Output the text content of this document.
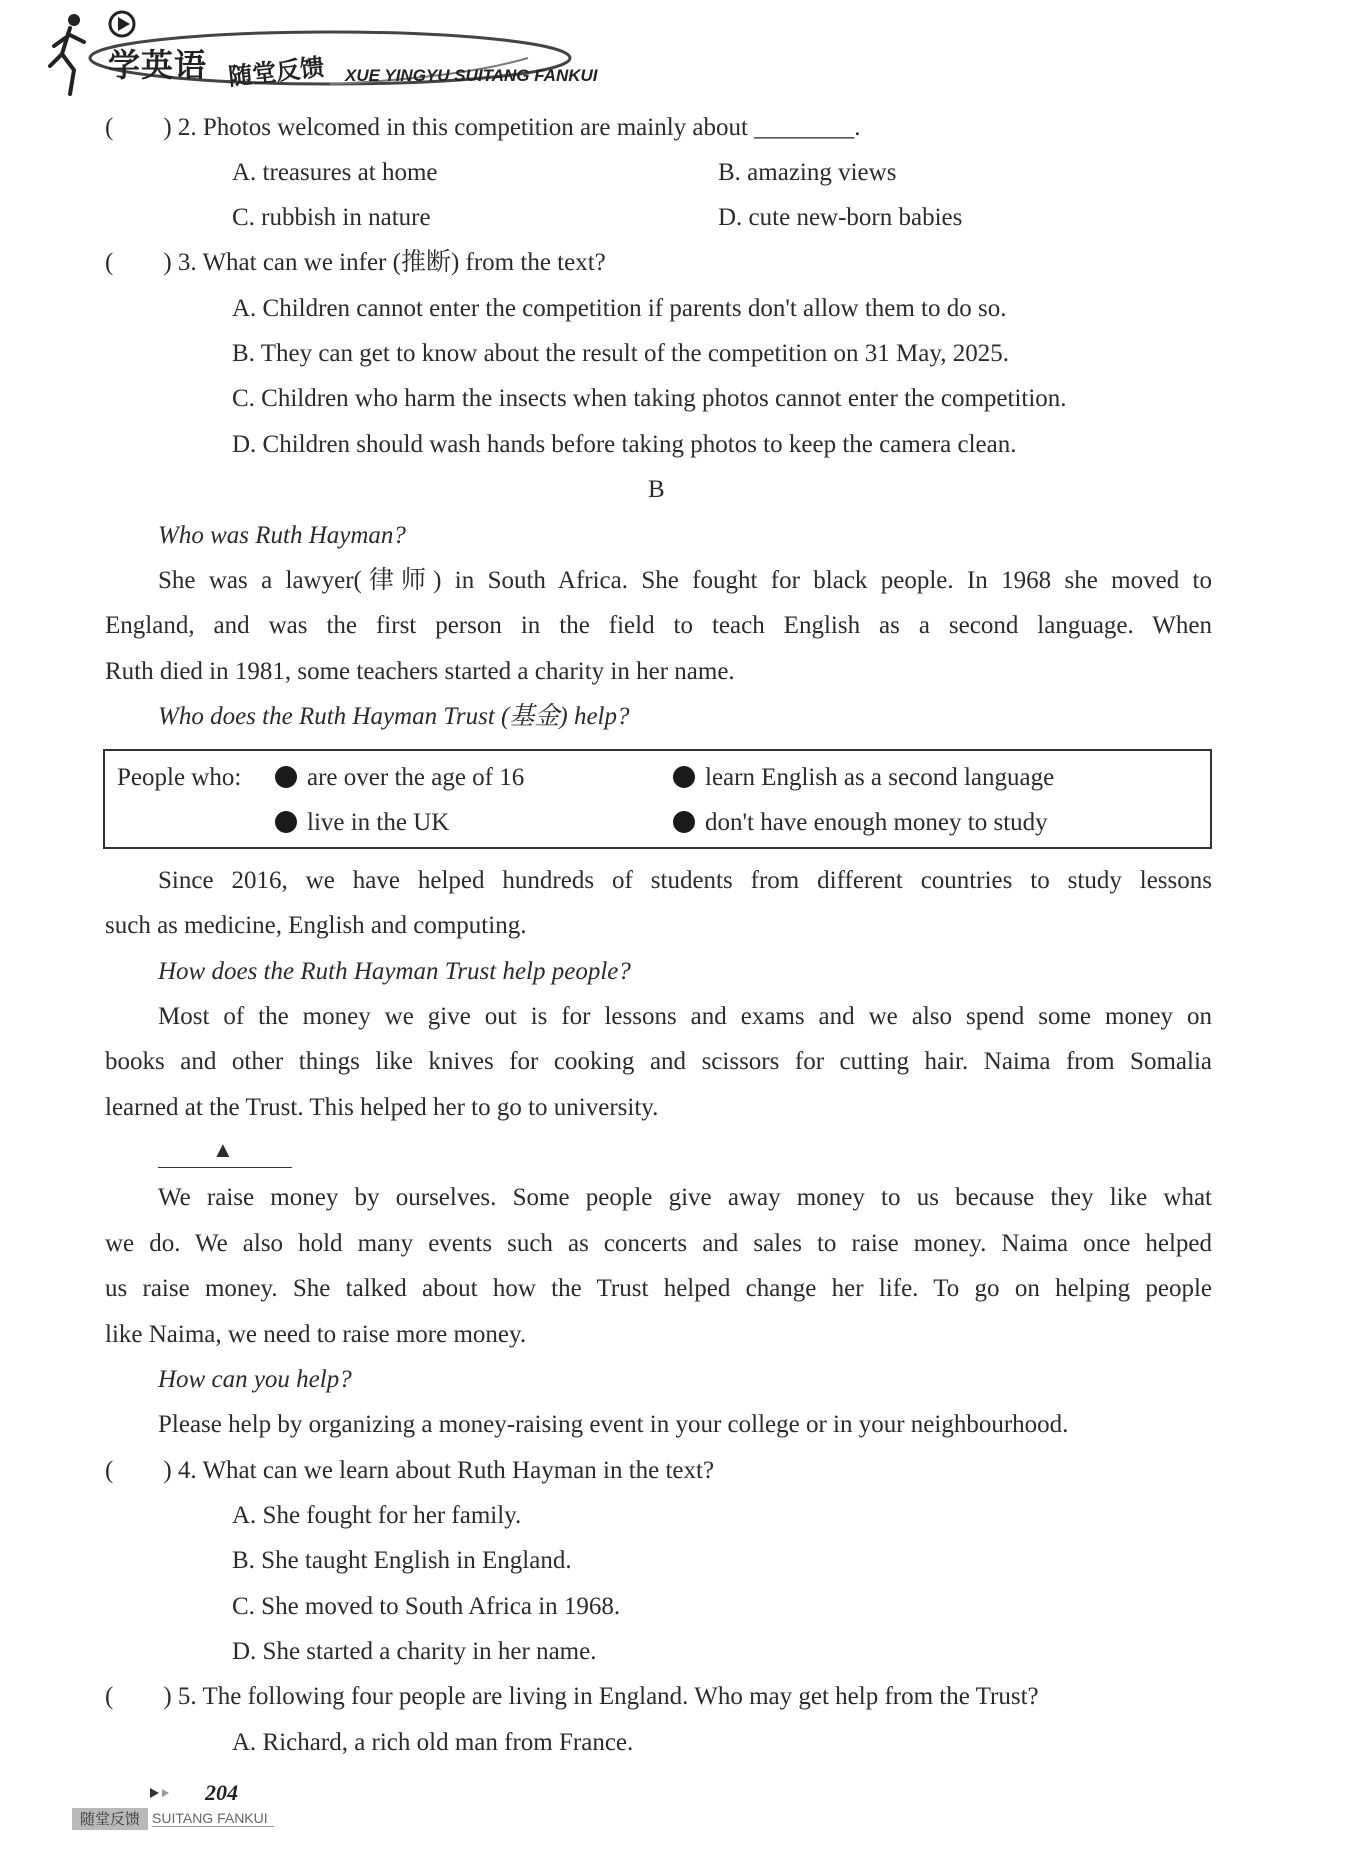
学英语 随堂反馈 XUE YINGYU SUITANG FANKUI
(  ) 2. Photos welcomed in this competition are mainly about ________.
A. treasures at home	B. amazing views
C. rubbish in nature	D. cute new-born babies
(  ) 3. What can we infer (推断) from the text?
A. Children cannot enter the competition if parents don't allow them to do so.
B. They can get to know about the result of the competition on 31 May, 2025.
C. Children who harm the insects when taking photos cannot enter the competition.
D. Children should wash hands before taking photos to keep the camera clean.
B
Who was Ruth Hayman?
She was a lawyer(律师) in South Africa. She fought for black people. In 1968 she moved to
England, and was the first person in the field to teach English as a second language. When
Ruth died in 1981, some teachers started a charity in her name.
Who does the Ruth Hayman Trust (基金) help?
People who:	are over the age of 16	learn English as a second language
live in the UK	don't have enough money to study
Since 2016, we have helped hundreds of students from different countries to study lessons
such as medicine, English and computing.
How does the Ruth Hayman Trust help people?
Most of the money we give out is for lessons and exams and we also spend some money on
books and other things like knives for cooking and scissors for cutting hair. Naima from Somalia
learned at the Trust. This helped her to go to university.
▲
We raise money by ourselves. Some people give away money to us because they like what
we do. We also hold many events such as concerts and sales to raise money. Naima once helped
us raise money. She talked about how the Trust helped change her life. To go on helping people
like Naima, we need to raise more money.
How can you help?
Please help by organizing a money-raising event in your college or in your neighbourhood.
(  ) 4. What can we learn about Ruth Hayman in the text?
A. She fought for her family.
B. She taught English in England.
C. She moved to South Africa in 1968.
D. She started a charity in her name.
(  ) 5. The following four people are living in England. Who may get help from the Trust?
A. Richard, a rich old man from France.
204
随堂反馈 SUITANG FANKUI
